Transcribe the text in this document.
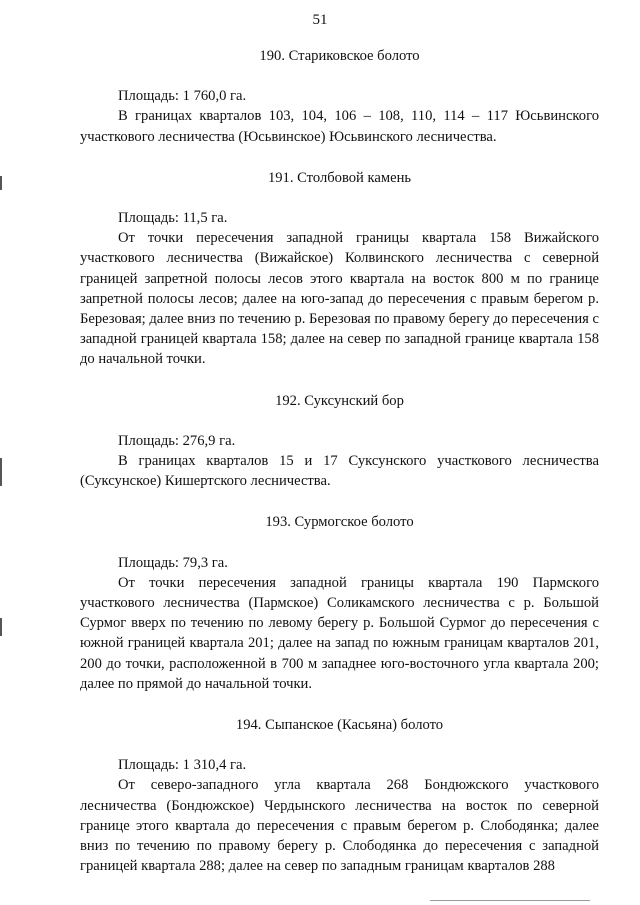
51

190. Стариковское болото

Площадь: 1 760,0 га.

В границах кварталов 103, 104, 106 – 108, 110, 114 – 117 Юсьвинского участкового лесничества (Юсьвинское) Юсьвинского лесничества.

191. Столбовой камень

Площадь: 11,5 га.

От точки пересечения западной границы квартала 158 Вижайского участкового лесничества (Вижайское) Колвинского лесничества с северной границей запретной полосы лесов этого квартала на восток 800 м по границе запретной полосы лесов; далее на юго-запад до пересечения с правым берегом р. Березовая; далее вниз по течению р. Березовая по правому берегу до пересечения с западной границей квартала 158; далее на север по западной границе квартала 158 до начальной точки.

192. Суксунский бор

Площадь: 276,9 га.

В границах кварталов 15 и 17 Суксунского участкового лесничества (Суксунское) Кишертского лесничества.

193. Сурмогское болото

Площадь: 79,3 га.

От точки пересечения западной границы квартала 190 Пармского участкового лесничества (Пармское) Соликамского лесничества с р. Большой Сурмог вверх по течению по левому берегу р. Большой Сурмог до пересечения с южной границей квартала 201; далее на запад по южным границам кварталов 201, 200 до точки, расположенной в 700 м западнее юго-восточного угла квартала 200; далее по прямой до начальной точки.

194. Сыпанское (Касьяна) болото

Площадь: 1 310,4 га.

От северо-западного угла квартала 268 Бондюжского участкового лесничества (Бондюжское) Чердынского лесничества на восток по северной границе этого квартала до пересечения с правым берегом р. Слободянка; далее вниз по течению по правому берегу р. Слободянка до пересечения с западной границей квартала 288; далее на север по западным границам кварталов 288
